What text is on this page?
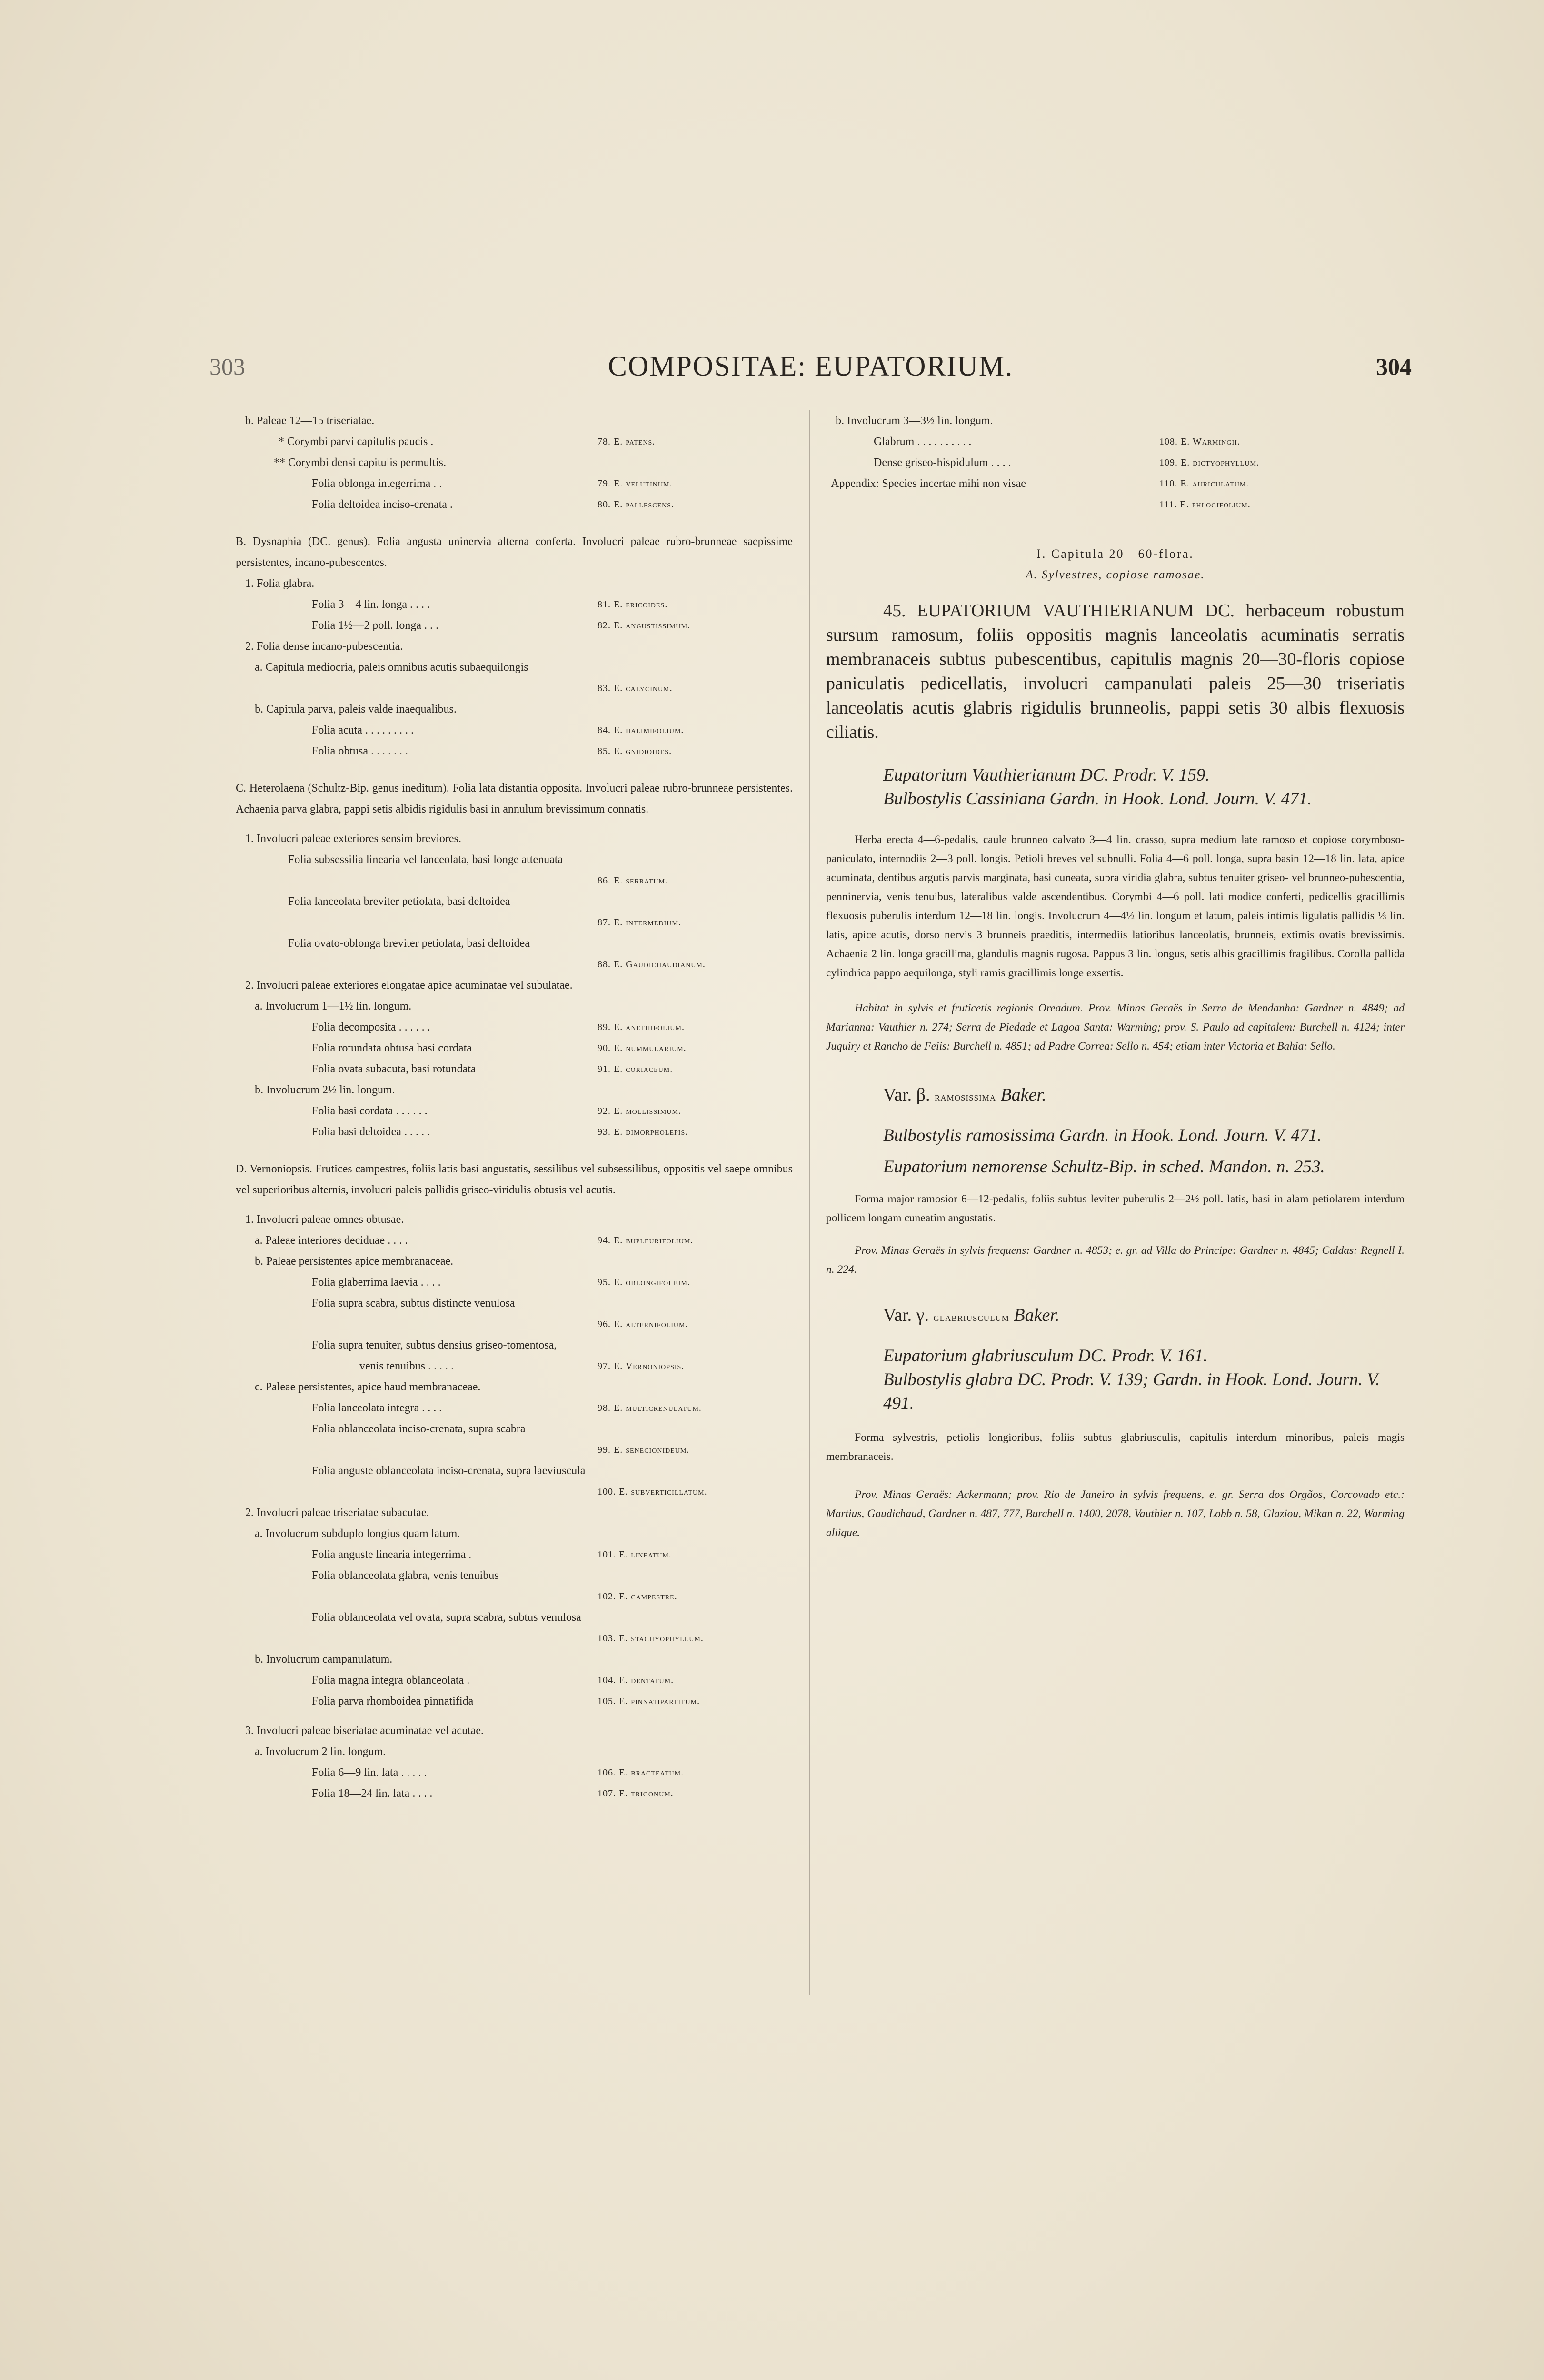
303	COMPOSITAE: EUPATORIUM.	304
b. Paleae 12—15 triseriatae.
* Corymbi parvi capitulis paucis .	78. E. patens.
** Corymbi densi capitulis permultis.
Folia oblonga integerrima . .	79. E. velutinum.
Folia deltoidea inciso-crenata .	80. E. pallescens.
B. Dysnaphia (DC. genus). Folia angusta uninervia alterna conferta. Involucri paleae rubro-brunneae saepissime persistentes, incano-pubescentes.
1. Folia glabra.
Folia 3—4 lin. longa . . . .	81. E. ericoides.
Folia 1½—2 poll. longa . . .	82. E. angustissimum.
2. Folia dense incano-pubescentia.
a. Capitula mediocria, paleis omnibus acutis subaequilongis
83. E. calycinum.
b. Capitula parva, paleis valde inaequalibus.
Folia acuta . . . . . . . . .	84. E. halimifolium.
Folia obtusa . . . . . . .	85. E. gnidioides.
C. Heterolaena (Schultz-Bip. genus ineditum). Folia lata distantia opposita. Involucri paleae rubro-brunneae persistentes. Achaenia parva glabra, pappi setis albidis rigidulis basi in annulum brevissimum connatis.
1. Involucri paleae exteriores sensim breviores.
Folia subsessilia linearia vel lanceolata, basi longe attenuata
86. E. serratum.
Folia lanceolata breviter petiolata, basi deltoidea
87. E. intermedium.
Folia ovato-oblonga breviter petiolata, basi deltoidea
88. E. Gaudichaudianum.
2. Involucri paleae exteriores elongatae apice acuminatae vel subulatae.
a. Involucrum 1—1½ lin. longum.
Folia decomposita . . . . . .	89. E. anethifolium.
Folia rotundata obtusa basi cordata	90. E. nummularium.
Folia ovata subacuta, basi rotundata	91. E. coriaceum.
b. Involucrum 2½ lin. longum.
Folia basi cordata . . . . . .	92. E. mollissimum.
Folia basi deltoidea . . . . .	93. E. dimorpholepis.
D. Vernoniopsis. Frutices campestres, foliis latis basi angustatis, sessilibus vel subsessilibus, oppositis vel saepe omnibus vel superioribus alternis, involucri paleis pallidis griseo-viridulis obtusis vel acutis.
1. Involucri paleae omnes obtusae.
a. Paleae interiores deciduae . . . .	94. E. bupleurifolium.
b. Paleae persistentes apice membranaceae.
Folia glaberrima laevia . . . .	95. E. oblongifolium.
Folia supra scabra, subtus distincte venulosa
96. E. alternifolium.
Folia supra tenuiter, subtus densius griseo-tomentosa,
venis tenuibus . . . . .	97. E. Vernoniopsis.
c. Paleae persistentes, apice haud membranaceae.
Folia lanceolata integra . . . .	98. E. multicrenulatum.
Folia oblanceolata inciso-crenata, supra scabra
99. E. senecionideum.
Folia anguste oblanceolata inciso-crenata, supra laeviuscula
100. E. subverticillatum.
2. Involucri paleae triseriatae subacutae.
a. Involucrum subduplo longius quam latum.
Folia anguste linearia integerrima .	101. E. lineatum.
Folia oblanceolata glabra, venis tenuibus
102. E. campestre.
Folia oblanceolata vel ovata, supra scabra, subtus venulosa
103. E. stachyophyllum.
b. Involucrum campanulatum.
Folia magna integra oblanceolata .	104. E. dentatum.
Folia parva rhomboidea pinnatifida	105. E. pinnatipartitum.
3. Involucri paleae biseriatae acuminatae vel acutae.
a. Involucrum 2 lin. longum.
Folia 6—9 lin. lata . . . . .	106. E. bracteatum.
Folia 18—24 lin. lata . . . .	107. E. trigonum.
b. Involucrum 3—3½ lin. longum.
Glabrum . . . . . . . . . .	108. E. Warmingii.
Dense griseo-hispidulum . . . .	109. E. dictyophyllum.
Appendix: Species incertae mihi non visae	110. E. auriculatum.
111. E. phlogifolium.
I. Capitula 20—60-flora.
A. Sylvestres, copiose ramosae.

45. EUPATORIUM VAUTHIERIANUM DC. herbaceum robustum sursum ramosum, foliis oppositis magnis lanceolatis acuminatis serratis membranaceis subtus pubescentibus, capitulis magnis 20—30-floris copiose paniculatis pedicellatis, involucri campanulati paleis 25—30 triseriatis lanceolatis acutis glabris rigidulis brunneolis, pappi setis 30 albis flexuosis ciliatis.

Eupatorium Vauthierianum DC. Prodr. V. 159.

Bulbostylis Cassiniana Gardn. in Hook. Lond. Journ. V. 471.

Herba erecta 4—6-pedalis, caule brunneo calvato 3—4 lin. crasso, supra medium late ramoso et copiose corymboso-paniculato, internodiis 2—3 poll. longis. Petioli breves vel subnulli. Folia 4—6 poll. longa, supra basin 12—18 lin. lata, apice acuminata, dentibus argutis parvis marginata, basi cuneata, supra viridia glabra, subtus tenuiter griseo- vel brunneo-pubescentia, penninervia, venis tenuibus, lateralibus valde ascendentibus. Corymbi 4—6 poll. lati modice conferti, pedicellis gracillimis flexuosis puberulis interdum 12—18 lin. longis. Involucrum 4—4½ lin. longum et latum, paleis intimis ligulatis pallidis ⅓ lin. latis, apice acutis, dorso nervis 3 brunneis praeditis, intermediis latioribus lanceolatis, brunneis, extimis ovatis brevissimis. Achaenia 2 lin. longa gracillima, glandulis magnis rugosa. Pappus 3 lin. longus, setis albis gracillimis fragilibus. Corolla pallida cylindrica pappo aequilonga, styli ramis gracillimis longe exsertis.

Habitat in sylvis et fruticetis regionis Oreadum. Prov. Minas Geraës in Serra de Mendanha: Gardner n. 4849; ad Marianna: Vauthier n. 274; Serra de Piedade et Lagoa Santa: Warming; prov. S. Paulo ad capitalem: Burchell n. 4124; inter Juquiry et Rancho de Feiis: Burchell n. 4851; ad Padre Correa: Sello n. 454; etiam inter Victoria et Bahia: Sello.

Var. β. ramosissima Baker.

Bulbostylis ramosissima Gardn. in Hook. Lond. Journ. V. 471.

Eupatorium nemorense Schultz-Bip. in sched. Mandon. n. 253.

Forma major ramosior 6—12-pedalis, foliis subtus leviter puberulis 2—2½ poll. latis, basi in alam petiolarem interdum pollicem longam cuneatim angustatis.

Prov. Minas Geraës in sylvis frequens: Gardner n. 4853; e. gr. ad Villa do Principe: Gardner n. 4845; Caldas: Regnell I. n. 224.

Var. γ. glabriusculum Baker.

Eupatorium glabriusculum DC. Prodr. V. 161.

Bulbostylis glabra DC. Prodr. V. 139; Gardn. in Hook. Lond. Journ. V. 491.

Forma sylvestris, petiolis longioribus, foliis subtus glabriusculis, capitulis interdum minoribus, paleis magis membranaceis.

Prov. Minas Geraës: Ackermann; prov. Rio de Janeiro in sylvis frequens, e. gr. Serra dos Orgãos, Corcovado etc.: Martius, Gaudichaud, Gardner n. 487, 777, Burchell n. 1400, 2078, Vauthier n. 107, Lobb n. 58, Glaziou, Mikan n. 22, Warming aliique.
